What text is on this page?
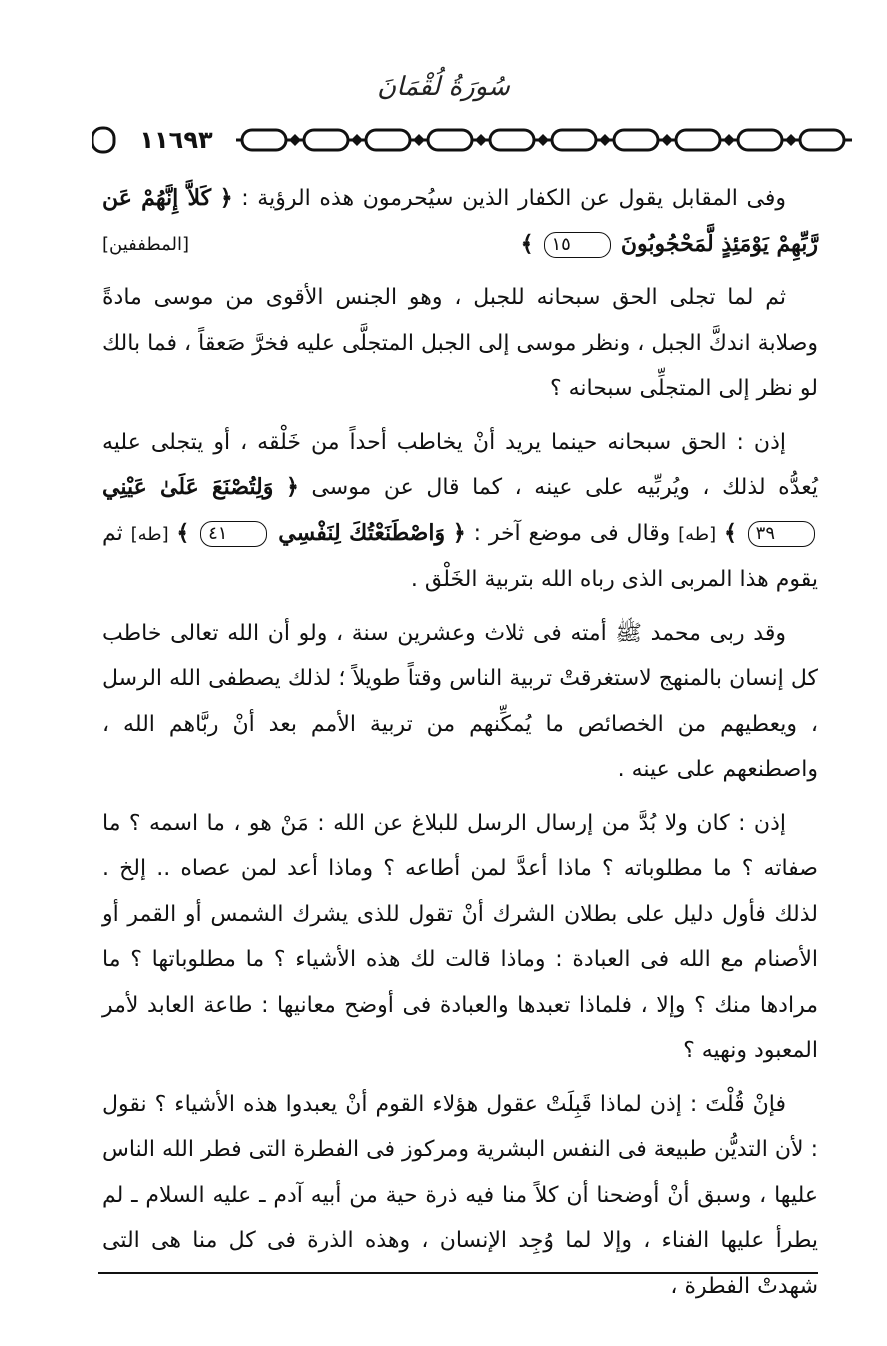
سُورَةُ لُقْمَانَ
١١٦٩٣

وفى المقابل يقول عن الكفار الذين سيُحرمون هذه الرؤية : ﴿ كَلاَّ إِنَّهُمْ عَن رَّبِّهِمْ يَوْمَئِذٍ لَّمَحْجُوبُونَ ١٥ ﴾
[المطففين]

ثم لما تجلى الحق سبحانه للجبل ، وهو الجنس الأقوى من موسى مادةً وصلابة اندكَّ الجبل ، ونظر موسى إلى الجبل المتجلَّى عليه فخرَّ صَعقاً ، فما بالك لو نظر إلى المتجلِّى سبحانه ؟

إذن : الحق سبحانه حينما يريد أنْ يخاطب أحداً من خَلْقه ، أو يتجلى عليه يُعدُّه لذلك ، ويُربِّيه على عينه ، كما قال عن موسى ﴿ وَلِتُصْنَعَ عَلَىٰ عَيْنِي ٣٩ ﴾ [طه] وقال فى موضع آخر : ﴿ وَاصْطَنَعْتُكَ لِنَفْسِي ٤١ ﴾ [طه] ثم يقوم هذا المربى الذى رباه الله بتربية الخَلْق .

وقد ربى محمد ﷺ أمته فى ثلاث وعشرين سنة ، ولو أن الله تعالى خاطب كل إنسان بالمنهج لاستغرقتْ تربية الناس وقتاً طويلاً ؛ لذلك يصطفى الله الرسل ، ويعطيهم من الخصائص ما يُمكِّنهم من تربية الأمم بعد أنْ ربَّاهم الله ، واصطنعهم على عينه .

إذن : كان ولا بُدَّ من إرسال الرسل للبلاغ عن الله : مَنْ هو ، ما اسمه ؟ ما صفاته ؟ ما مطلوباته ؟ ماذا أعدَّ لمن أطاعه ؟ وماذا أعد لمن عصاه .. إلخ . لذلك فأول دليل على بطلان الشرك أنْ تقول للذى يشرك الشمس أو القمر أو الأصنام مع الله فى العبادة : وماذا قالت لك هذه الأشياء ؟ ما مطلوباتها ؟ ما مرادها منك ؟ وإلا ، فلماذا تعبدها والعبادة فى أوضح معانيها : طاعة العابد لأمر المعبود ونهيه ؟

فإنْ قُلْتَ : إذن لماذا قَبِلَتْ عقول هؤلاء القوم أنْ يعبدوا هذه الأشياء ؟ نقول : لأن التديُّن طبيعة فى النفس البشرية ومركوز فى الفطرة التى فطر الله الناس عليها ، وسبق أنْ أوضحنا أن كلاً منا فيه ذرة حية من أبيه آدم ـ عليه السلام ـ لم يطرأ عليها الفناء ، وإلا لما وُجِد الإنسان ، وهذه الذرة فى كل منا هى التى شهدتْ الفطرة ،
